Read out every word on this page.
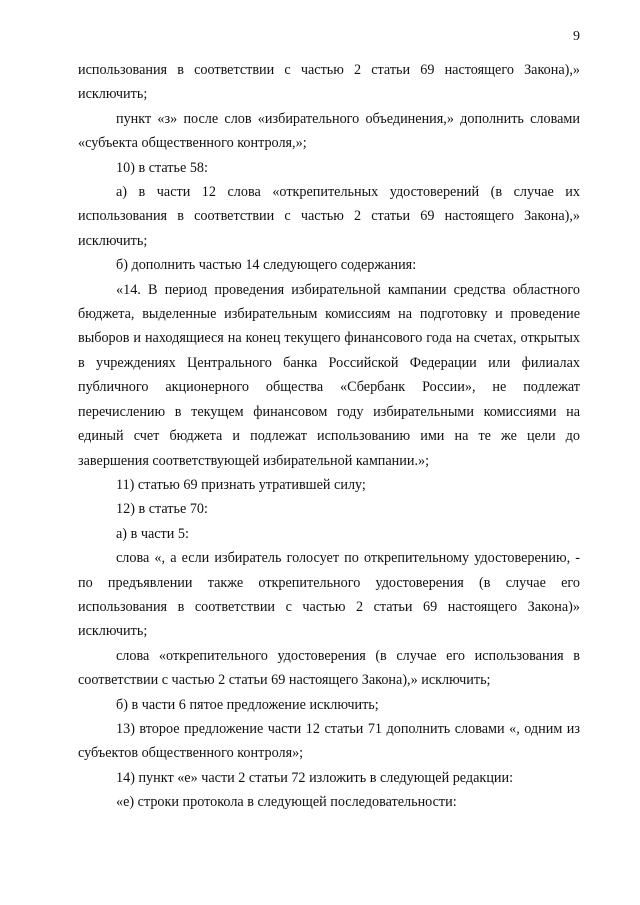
9

использования в соответствии с частью 2 статьи 69 настоящего Закона),» исключить;

пункт «з» после слов «избирательного объединения,» дополнить словами «субъекта общественного контроля,»;

10) в статье 58:

а) в части 12 слова «открепительных удостоверений (в случае их использования в соответствии с частью 2 статьи 69 настоящего Закона),» исключить;

б) дополнить частью 14 следующего содержания:

«14. В период проведения избирательной кампании средства областного бюджета, выделенные избирательным комиссиям на подготовку и проведение выборов и находящиеся на конец текущего финансового года на счетах, открытых в учреждениях Центрального банка Российской Федерации или филиалах публичного акционерного общества «Сбербанк России», не подлежат перечислению в текущем финансовом году избирательными комиссиями на единый счет бюджета и подлежат использованию ими на те же цели до завершения соответствующей избирательной кампании.»;

11) статью 69 признать утратившей силу;

12) в статье 70:

а) в части 5:

слова «, а если избиратель голосует по открепительному удостоверению, - по предъявлении также открепительного удостоверения (в случае его использования в соответствии с частью 2 статьи 69 настоящего Закона)» исключить;

слова «открепительного удостоверения (в случае его использования в соответствии с частью 2 статьи 69 настоящего Закона),» исключить;

б) в части 6 пятое предложение исключить;

13) второе предложение части 12 статьи 71 дополнить словами «, одним из субъектов общественного контроля»;

14) пункт «е» части 2 статьи 72 изложить в следующей редакции:

«е) строки протокола в следующей последовательности:
